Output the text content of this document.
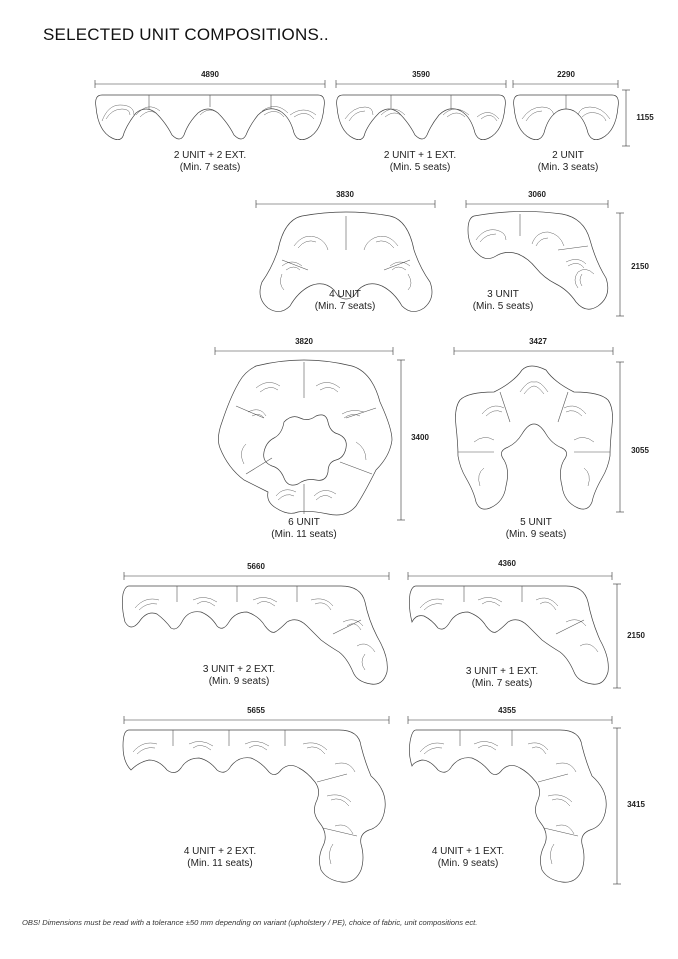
SELECTED UNIT COMPOSITIONS..
4890	3590	2290
1155
3830	3060
2150
3820	3427
3400
3055
5660	4360
2150
5655	4355
3415
2 UNIT + 2 EXT.
(Min. 7 seats)
2 UNIT + 1 EXT.
(Min. 5 seats)
2 UNIT
(Min. 3 seats)
4 UNIT
(Min. 7 seats)
3 UNIT
(Min. 5 seats)
6 UNIT
(Min. 11 seats)
5 UNIT
(Min. 9 seats)
3 UNIT + 2 EXT.
(Min. 9 seats)
3 UNIT + 1 EXT.
(Min. 7 seats)
4 UNIT + 2 EXT.
(Min. 11 seats)
4 UNIT + 1 EXT.
(Min. 9 seats)
OBS! Dimensions must be read with a tolerance ±50 mm depending on variant (upholstery / PE), choice of fabric, unit compositions ect.
